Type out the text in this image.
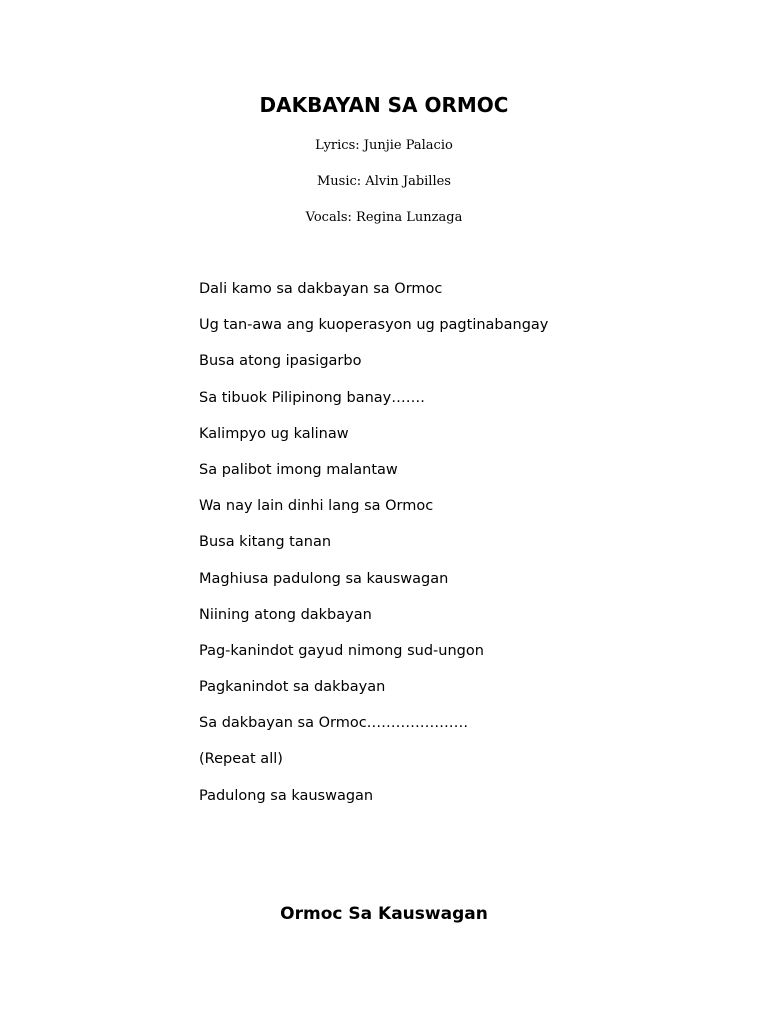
DAKBAYAN SA ORMOC
Lyrics: Junjie Palacio
Music: Alvin Jabilles
Vocals: Regina Lunzaga
Dali kamo sa dakbayan sa Ormoc
Ug tan-awa ang kuoperasyon ug pagtinabangay
Busa atong ipasigarbo
Sa tibuok Pilipinong banay…….
Kalimpyo ug kalinaw
Sa palibot imong malantaw
Wa nay lain dinhi lang sa Ormoc
Busa kitang tanan
Maghiusa padulong sa kauswagan
Niining atong dakbayan
Pag-kanindot gayud nimong sud-ungon
Pagkanindot sa dakbayan
Sa dakbayan sa Ormoc…………………
(Repeat all)
Padulong sa kauswagan
Ormoc Sa Kauswagan
